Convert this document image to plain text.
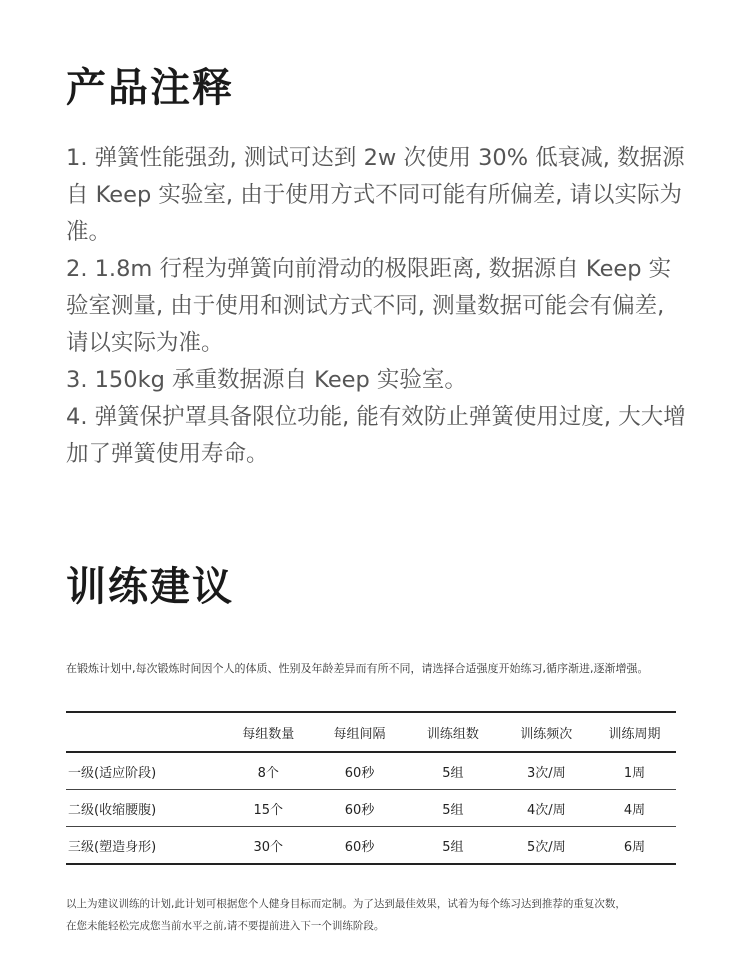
产品注释
1. 弹簧性能强劲, 测试可达到 2w 次使用 30% 低衰减, 数据源自 Keep 实验室, 由于使用方式不同可能有所偏差, 请以实际为准。
2. 1.8m 行程为弹簧向前滑动的极限距离, 数据源自 Keep 实验室测量, 由于使用和测试方式不同, 测量数据可能会有偏差, 请以实际为准。
3. 150kg 承重数据源自 Keep 实验室。
4. 弹簧保护罩具备限位功能, 能有效防止弹簧使用过度, 大大增加了弹簧使用寿命。
训练建议
在锻炼计划中,每次锻炼时间因个人的体质、性别及年龄差异而有所不同，请选择合适强度开始练习,循序渐进,逐渐增强。
	每组数量	每组间隔	训练组数	训练频次	训练周期
一级(适应阶段)	8个	60秒	5组	3次/周	1周
二级(收缩腰腹)	15个	60秒	5组	4次/周	4周
三级(塑造身形)	30个	60秒	5组	5次/周	6周
以上为建议训练的计划,此计划可根据您个人健身目标而定制。为了达到最佳效果，试着为每个练习达到推荐的重复次数，
在您未能轻松完成您当前水平之前,请不要提前进入下一个训练阶段。
